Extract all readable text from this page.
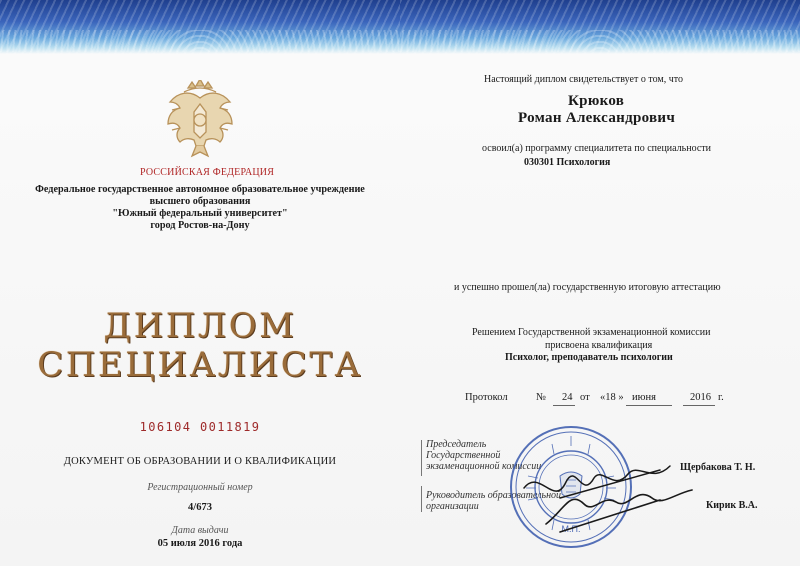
РОССИЙСКАЯ ФЕДЕРАЦИЯ
Федеральное государственное автономное образовательное учреждение
высшего образования
"Южный федеральный университет"
город Ростов-на-Дону
ДИПЛОМ
СПЕЦИАЛИСТА
106104 0011819
ДОКУМЕНТ ОБ ОБРАЗОВАНИИ И О КВАЛИФИКАЦИИ
Регистрационный номер
4/673
Дата выдачи
05 июля 2016 года
Настоящий диплом свидетельствует о том, что
Крюков
Роман Александрович
освоил(а) программу специалитета по специальности
030301 Психология
и успешно прошел(ла) государственную итоговую аттестацию
Решением Государственной экзаменационной комиссии
присвоена квалификация
Психолог, преподаватель психологии
Протокол	№ 24 от «18 » июня	2016 г.
Председатель
Государственной
экзаменационной комиссии	Щербакова Т. Н.
Руководитель образовательной
организации	Кирик В.А.
М.П.
